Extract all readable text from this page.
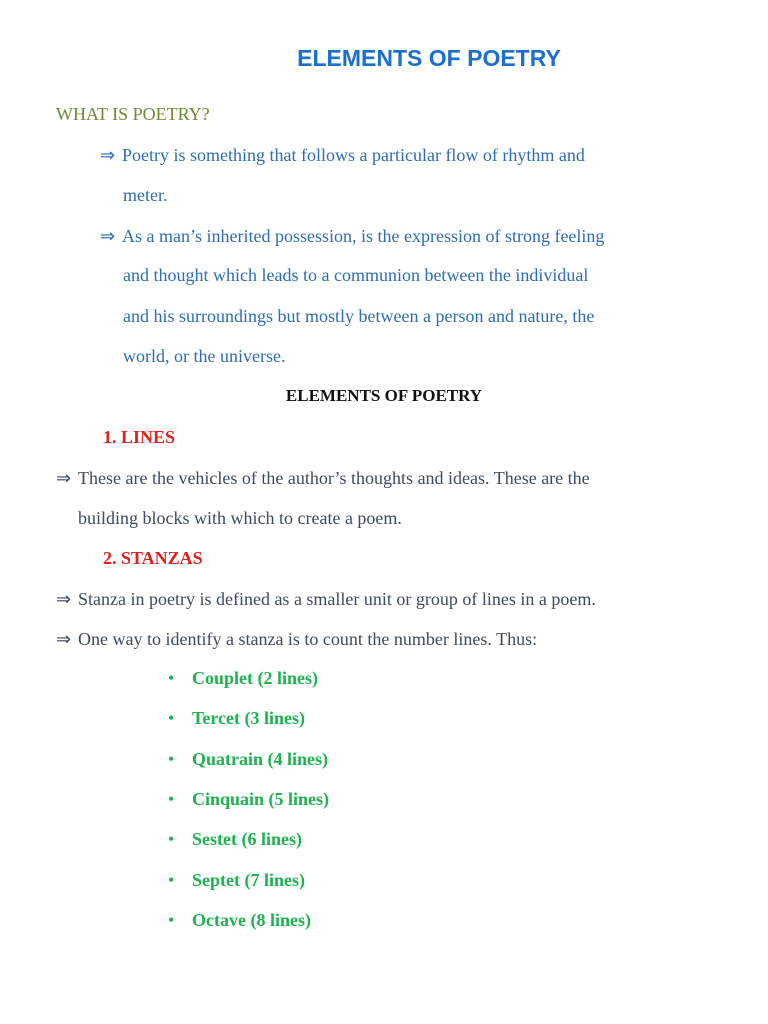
ELEMENTS OF POETRY
WHAT IS POETRY?
⇒ Poetry is something that follows a particular flow of rhythm and
meter.
⇒ As a man’s inherited possession, is the expression of strong feeling
and thought which leads to a communion between the individual
and his surroundings but mostly between a person and nature, the
world, or the universe.
ELEMENTS OF POETRY
1. LINES
⇒ These are the vehicles of the author’s thoughts and ideas. These are the
building blocks with which to create a poem.
2. STANZAS
⇒ Stanza in poetry is defined as a smaller unit or group of lines in a poem.
⇒ One way to identify a stanza is to count the number lines. Thus:
• Couplet (2 lines)
• Tercet (3 lines)
• Quatrain (4 lines)
• Cinquain (5 lines)
• Sestet (6 lines)
• Septet (7 lines)
• Octave (8 lines)
